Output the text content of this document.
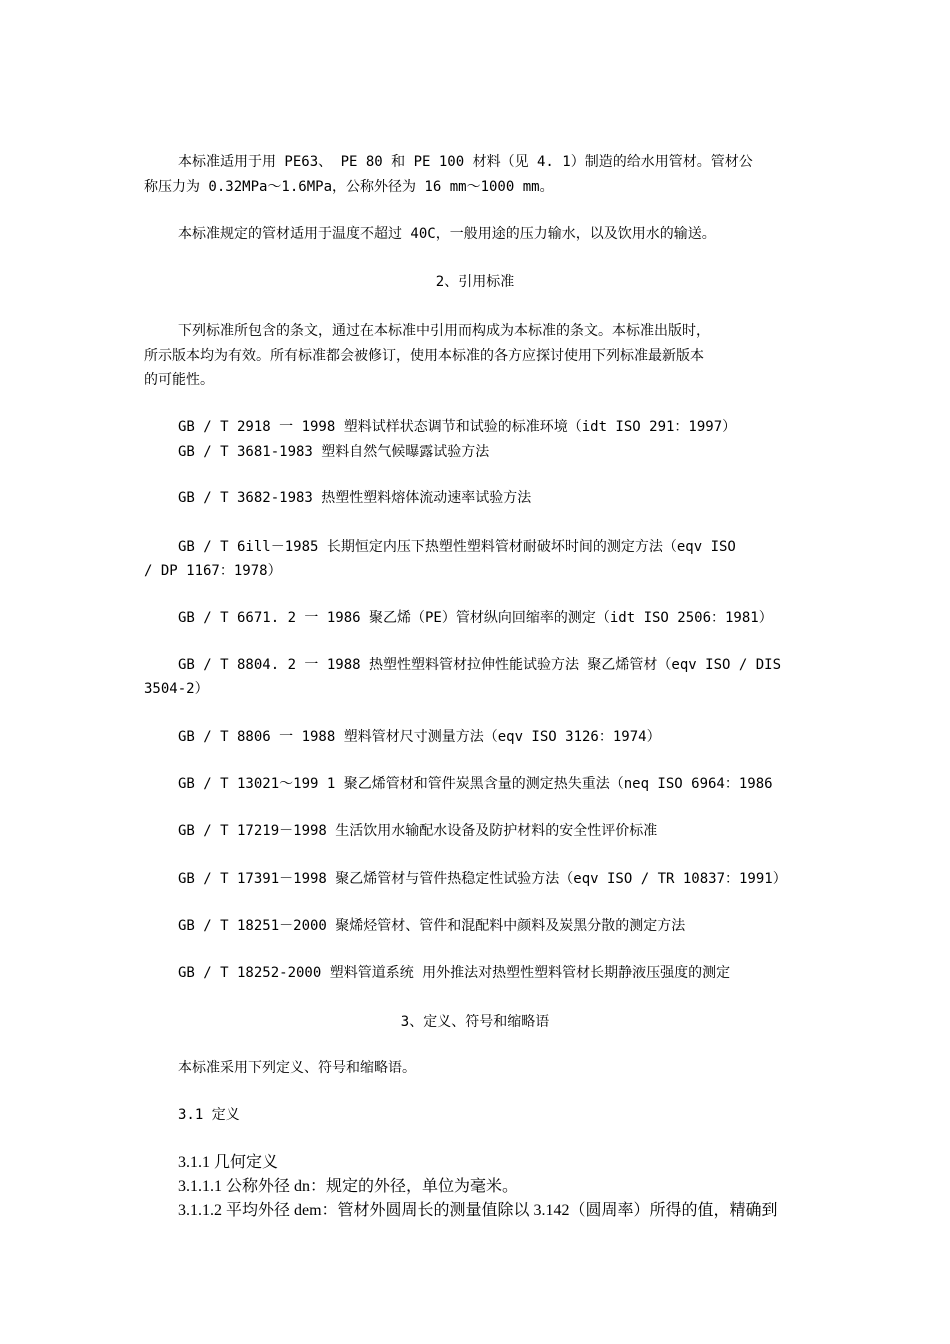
本标准适用于用 PE63、 PE 80 和 PE 100 材料（见 4. 1）制造的给水用管材。管材公

称压力为 0.32MPa～1.6MPa，公称外径为 16 mm～1000 mm。

本标准规定的管材适用于温度不超过 40C，一般用途的压力输水，以及饮用水的输送。

2、引用标准

下列标准所包含的条文，通过在本标准中引用而构成为本标准的条文。本标准出版时，

所示版本均为有效。所有标准都会被修订，使用本标准的各方应探讨使用下列标准最新版本

的可能性。

GB / T 2918 一 1998 塑料试样状态调节和试验的标准环境（idt ISO 291：1997）

GB / T 3681-1983 塑料自然气候曝露试验方法

GB / T 3682-1983 热塑性塑料熔体流动速率试验方法

GB / T 6ill－1985 长期恒定内压下热塑性塑料管材耐破坏时间的测定方法（eqv ISO

/ DP 1167：1978）

GB / T 6671. 2 一 1986 聚乙烯（PE）管材纵向回缩率的测定（idt ISO 2506：1981）

GB / T 8804. 2 一 1988 热塑性塑料管材拉伸性能试验方法 聚乙烯管材（eqv ISO / DIS

3504-2）

GB / T 8806 一 1988 塑料管材尺寸测量方法（eqv ISO 3126：1974）

GB / T 13021～199 1 聚乙烯管材和管件炭黑含量的测定热失重法（neq ISO 6964：1986

GB / T 17219－1998 生活饮用水输配水设备及防护材料的安全性评价标准

GB / T 17391－1998 聚乙烯管材与管件热稳定性试验方法（eqv ISO / TR 10837：1991）

GB / T 18251－2000 聚烯烃管材、管件和混配料中颜料及炭黑分散的测定方法

GB / T 18252-2000 塑料管道系统 用外推法对热塑性塑料管材长期静液压强度的测定

3、定义、符号和缩略语

本标准采用下列定义、符号和缩略语。

3.1 定义

3.1.1 几何定义

3.1.1.1 公称外径 dn：规定的外径，单位为毫米。

3.1.1.2 平均外径 dem：管材外圆周长的测量值除以 3.142（圆周率）所得的值，精确到
